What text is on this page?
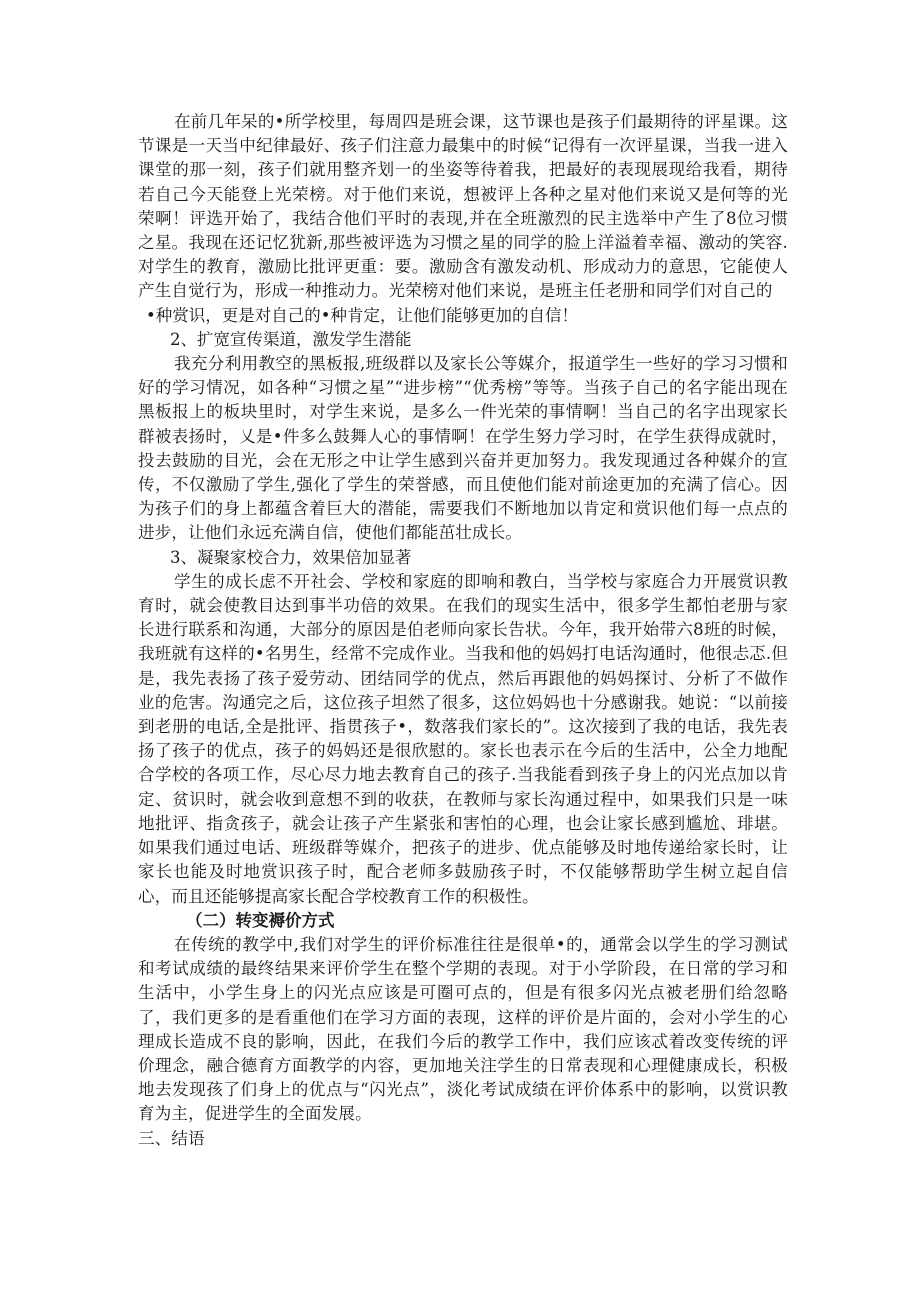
在前几年呆的•所学校里，每周四是班会课，这节课也是孩子们最期待的评星课。这节课是一天当中纪律最好、孩子们注意力最集中的时候“记得有一次评星课，当我一进入课堂的那一刻，孩子们就用整齐划一的坐姿等待着我，把最好的表现展现给我看，期待若自己今天能登上光荣榜。对于他们来说，想被评上各种之星对他们来说又是何等的光荣啊！评选开始了，我结合他们平时的表现,并在全班激烈的民主选举中产生了8位习惯之星。我现在还记忆犹新,那些被评选为习惯之星的同学的脸上洋溢着幸福、激动的笑容.对学生的教育，激励比批评更重：要。激励含有激发动机、形成动力的意思，它能使人产生自觉行为，形成一种推动力。光荣榜对他们来说，是班主任老册和同学们对自己的

•种赏识，更是对自己的•种肯定，让他们能够更加的自信！

2、扩宽宣传渠道，激发学生潜能

我充分利用教空的黑板报,班级群以及家长公等媒介，报道学生一些好的学习习惯和好的学习情况，如各种“习惯之星”“进步榜”“优秀榜”等等。当孩子自己的名字能出现在黑板报上的板块里时，对学生来说，是多么一件光荣的事情啊！当自己的名字出现家长群被表扬时，乂是•件多么鼓舞人心的事情啊！在学生努力学习时，在学生获得成就时，投去鼓励的目光，会在无形之中让学生感到兴奋并更加努力。我发现通过各种媒介的宣传，不仅激励了学生,强化了学生的荣誉感，而且使他们能对前途更加的充满了信心。因为孩子们的身上都蕴含着巨大的潜能，需要我们不断地加以肯定和赏识他们每一点点的进步，让他们永远充满自信，使他们都能茁壮成长。

3、凝聚家校合力，效果倍加显著

学生的成长虑不开社会、学校和家庭的即响和教白，当学校与家庭合力开展赏识教育时，就会使教目达到事半功倍的效果。在我们的现实生活中，很多学生都怕老册与家长进行联系和沟通，大部分的原因是伯老师向家长告状。今年，我开始带六8班的时候，我班就有这样的•名男生，经常不完成作业。当我和他的妈妈打电话沟通时，他很忐忑.但是，我先表扬了孩子爱劳动、团结同学的优点，然后再跟他的妈妈探讨、分析了不做作业的危害。沟通完之后，这位孩子坦然了很多，这位妈妈也十分感谢我。她说：“以前接到老册的电话,全是批评、指贯孩子•，数落我们家长的”。这次接到了我的电话，我先表扬了孩子的优点，孩子的妈妈还是很欣慰的。家长也表示在今后的生活中，公全力地配合学校的各项工作，尽心尽力地去教育自己的孩子.当我能看到孩子身上的闪光点加以肯定、贫识时，就会收到意想不到的收获，在教师与家长沟通过程中，如果我们只是一味地批评、指贪孩子，就会让孩子产生紧张和害怕的心理，也会让家长感到尴尬、琲堪。如果我们通过电话、班级群等媒介，把孩子的进步、优点能够及时地传递给家长时，让家长也能及时地赏识孩子时，配合老师多鼓励孩子时，不仅能够帮助学生树立起自信心，而且还能够提高家长配合学校教育工作的积极性。

（二）转变褥价方式

在传统的教学中,我们对学生的评价标准往往是很单•的，通常会以学生的学习测试和考试成绩的最终结果来评价学生在整个学期的表现。对于小学阶段，在日常的学习和生活中，小学生身上的闪光点应该是可圈可点的，但是有很多闪光点被老册们给忽略了，我们更多的是看重他们在学习方面的表现，这样的评价是片面的，会对小学生的心理成长造成不良的影响，因此，在我们今后的教学工作中，我们应该忒着改变传统的评价理念，融合德育方面教学的内容，更加地关注学生的日常表现和心理健康成长，积极地去发现孩了们身上的优点与“闪光点”，淡化考试成绩在评价体系中的影响，以赏识教育为主，促进学生的全面发展。

三、结语
